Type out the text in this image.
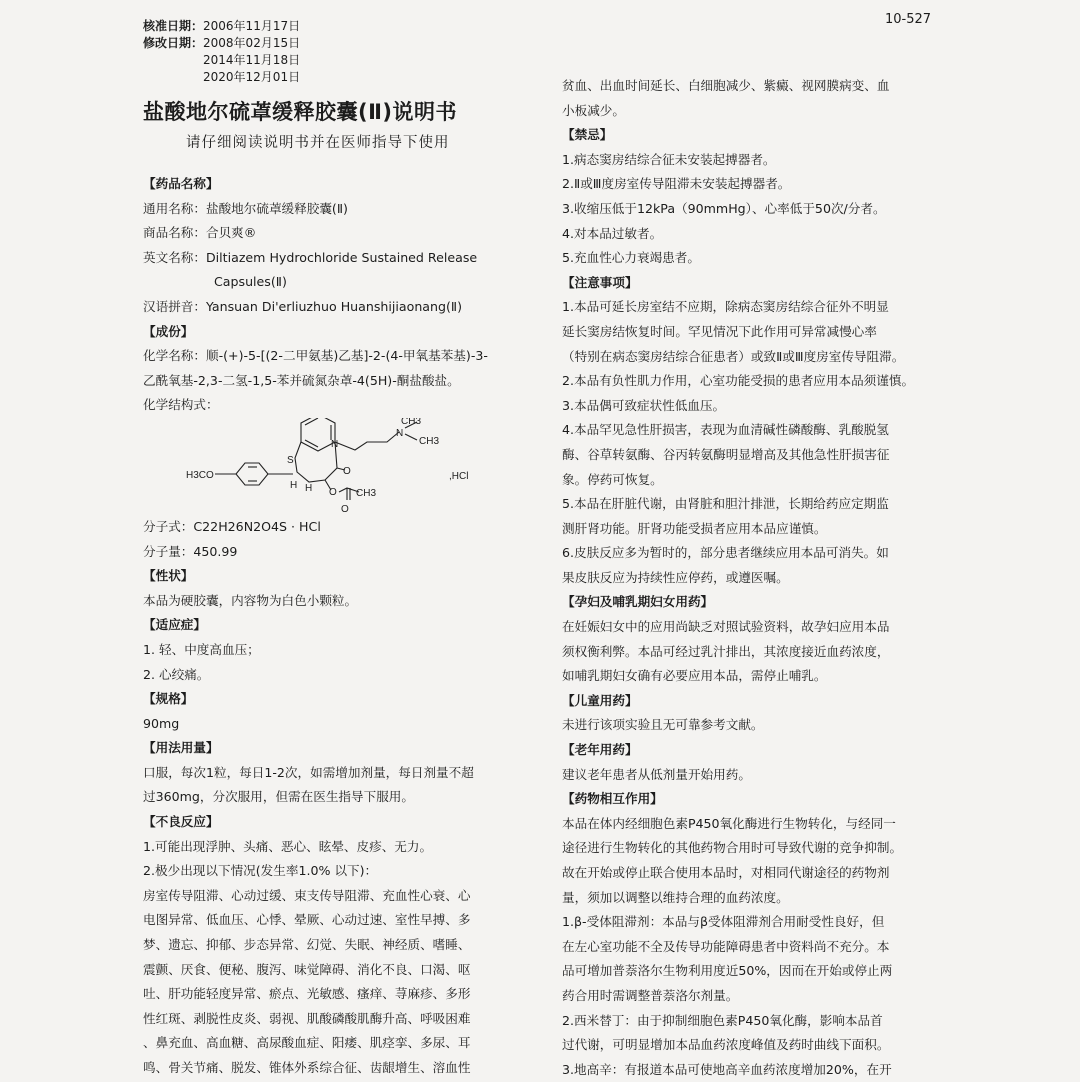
核准日期：2006年11月17日
修改日期：2008年02月15日
2014年11月18日
2020年12月01日
10-527
盐酸地尔硫䓬缓释胶囊(Ⅱ)说明书
请仔细阅读说明书并在医师指导下使用

【药品名称】

通用名称：盐酸地尔硫䓬缓释胶囊(Ⅱ)

商品名称：合贝爽®

英文名称：Diltiazem Hydrochloride Sustained Release

Capsules(Ⅱ)

汉语拼音：Yansuan Di'erliuzhuo Huanshijiaonang(Ⅱ)

【成份】

化学名称：顺-(+)-5-[(2-二甲氨基)乙基]-2-(4-甲氧基苯基)-3-

乙酰氧基-2,3-二氢-1,5-苯并硫氮杂䓬-4(5H)-酮盐酸盐。

化学结构式：

CH3
N
CH3
N
S
H3CO	O
O CH3
O
H H
,HCl

分子式：C22H26N2O4S · HCl

分子量：450.99

【性状】

本品为硬胶囊，内容物为白色小颗粒。

【适应症】

1. 轻、中度高血压；

2. 心绞痛。

【规格】

90mg

【用法用量】

口服，每次1粒，每日1-2次，如需增加剂量，每日剂量不超

过360mg，分次服用，但需在医生指导下服用。

【不良反应】

1.可能出现浮肿、头痛、恶心、眩晕、皮疹、无力。

2.极少出现以下情况(发生率1.0% 以下)：

房室传导阻滞、心动过缓、束支传导阻滞、充血性心衰、心

电图异常、低血压、心悸、晕厥、心动过速、室性早搏、多

梦、遗忘、抑郁、步态异常、幻觉、失眠、神经质、嗜睡、

震颤、厌食、便秘、腹泻、味觉障碍、消化不良、口渴、呕

吐、肝功能轻度异常、瘀点、光敏感、瘙痒、荨麻疹、多形

性红斑、剥脱性皮炎、弱视、肌酸磷酸肌酶升高、呼吸困难

、鼻充血、高血糖、高尿酸血症、阳痿、肌痉挛、多尿、耳

鸣、骨关节痛、脱发、锥体外系综合征、齿龈增生、溶血性

贫血、出血时间延长、白细胞减少、紫癜、视网膜病变、血

小板减少。

【禁忌】

1.病态窦房结综合征未安装起搏器者。

2.Ⅱ或Ⅲ度房室传导阻滞未安装起搏器者。

3.收缩压低于12kPa（90mmHg）、心率低于50次/分者。

4.对本品过敏者。

5.充血性心力衰竭患者。

【注意事项】

1.本品可延长房室结不应期，除病态窦房结综合征外不明显

延长窦房结恢复时间。罕见情况下此作用可异常减慢心率

（特别在病态窦房结综合征患者）或致Ⅱ或Ⅲ度房室传导阻滞。

2.本品有负性肌力作用，心室功能受损的患者应用本品须谨慎。

3.本品偶可致症状性低血压。

4.本品罕见急性肝损害，表现为血清碱性磷酸酶、乳酸脱氢

酶、谷草转氨酶、谷丙转氨酶明显增高及其他急性肝损害征

象。停药可恢复。

5.本品在肝脏代谢，由肾脏和胆汁排泄，长期给药应定期监

测肝肾功能。肝肾功能受损者应用本品应谨慎。

6.皮肤反应多为暂时的，部分患者继续应用本品可消失。如

果皮肤反应为持续性应停药，或遵医嘱。

【孕妇及哺乳期妇女用药】

在妊娠妇女中的应用尚缺乏对照试验资料，故孕妇应用本品

须权衡利弊。本品可经过乳汁排出，其浓度接近血药浓度，

如哺乳期妇女确有必要应用本品，需停止哺乳。

【儿童用药】

未进行该项实验且无可靠参考文献。

【老年用药】

建议老年患者从低剂量开始用药。

【药物相互作用】

本品在体内经细胞色素P450氧化酶进行生物转化，与经同一

途径进行生物转化的其他药物合用时可导致代谢的竞争抑制。

故在开始或停止联合使用本品时，对相同代谢途径的药物剂

量，须加以调整以维持合理的血药浓度。

1.β-受体阻滞剂：本品与β受体阻滞剂合用耐受性良好，但

在左心室功能不全及传导功能障碍患者中资料尚不充分。本

品可增加普萘洛尔生物利用度近50%，因而在开始或停止两

药合用时需调整普萘洛尔剂量。

2.西米替丁：由于抑制细胞色素P450氧化酶，影响本品首

过代谢，可明显增加本品血药浓度峰值及药时曲线下面积。

3.地高辛：有报道本品可使地高辛血药浓度增加20%，在开
